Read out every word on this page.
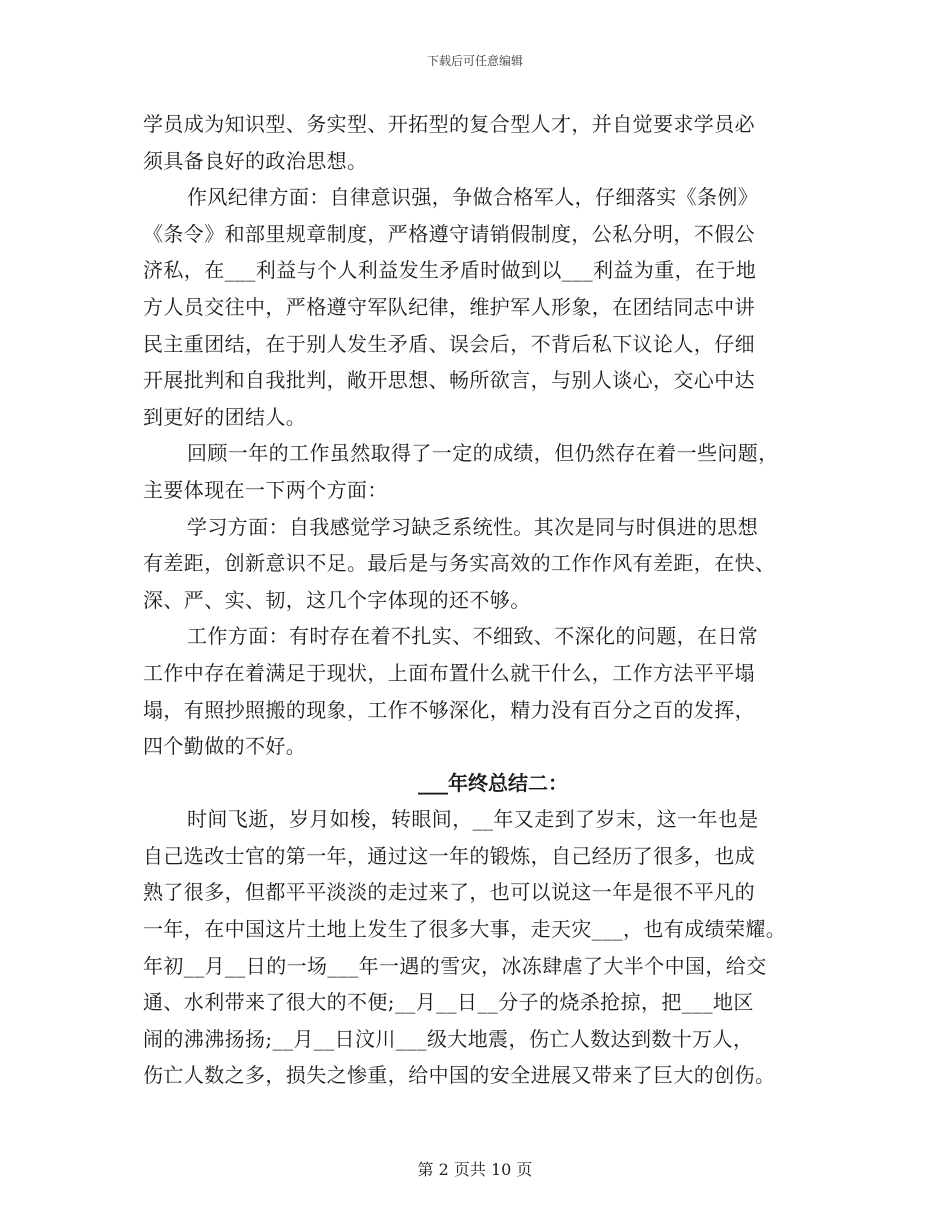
下载后可任意编辑
学员成为知识型、务实型、开拓型的复合型人才，并自觉要求学员必
须具备良好的政治思想。
作风纪律方面：自律意识强，争做合格军人，仔细落实《条例》
《条令》和部里规章制度，严格遵守请销假制度，公私分明，不假公
济私，在___利益与个人利益发生矛盾时做到以___利益为重，在于地
方人员交往中，严格遵守军队纪律，维护军人形象，在团结同志中讲
民主重团结，在于别人发生矛盾、误会后，不背后私下议论人，仔细
开展批判和自我批判，敞开思想、畅所欲言，与别人谈心，交心中达
到更好的团结人。
回顾一年的工作虽然取得了一定的成绩，但仍然存在着一些问题，
主要体现在一下两个方面：
学习方面：自我感觉学习缺乏系统性。其次是同与时俱进的思想
有差距，创新意识不足。最后是与务实高效的工作作风有差距，在快、
深、严、实、韧，这几个字体现的还不够。
工作方面：有时存在着不扎实、不细致、不深化的问题，在日常
工作中存在着满足于现状，上面布置什么就干什么，工作方法平平塌
塌，有照抄照搬的现象，工作不够深化，精力没有百分之百的发挥，
四个勤做的不好。
___年终总结二：
时间飞逝，岁月如梭，转眼间，__年又走到了岁末，这一年也是
自己选改士官的第一年，通过这一年的锻炼，自己经历了很多，也成
熟了很多，但都平平淡淡的走过来了，也可以说这一年是很不平凡的
一年，在中国这片土地上发生了很多大事，走天灾___，也有成绩荣耀。
年初__月__日的一场___年一遇的雪灾，冰冻肆虐了大半个中国，给交
通、水利带来了很大的不便;__月__日__分子的烧杀抢掠，把___地区
闹的沸沸扬扬;__月__日汶川___级大地震，伤亡人数达到数十万人，
伤亡人数之多，损失之惨重，给中国的安全进展又带来了巨大的创伤。
第 2 页共 10 页
